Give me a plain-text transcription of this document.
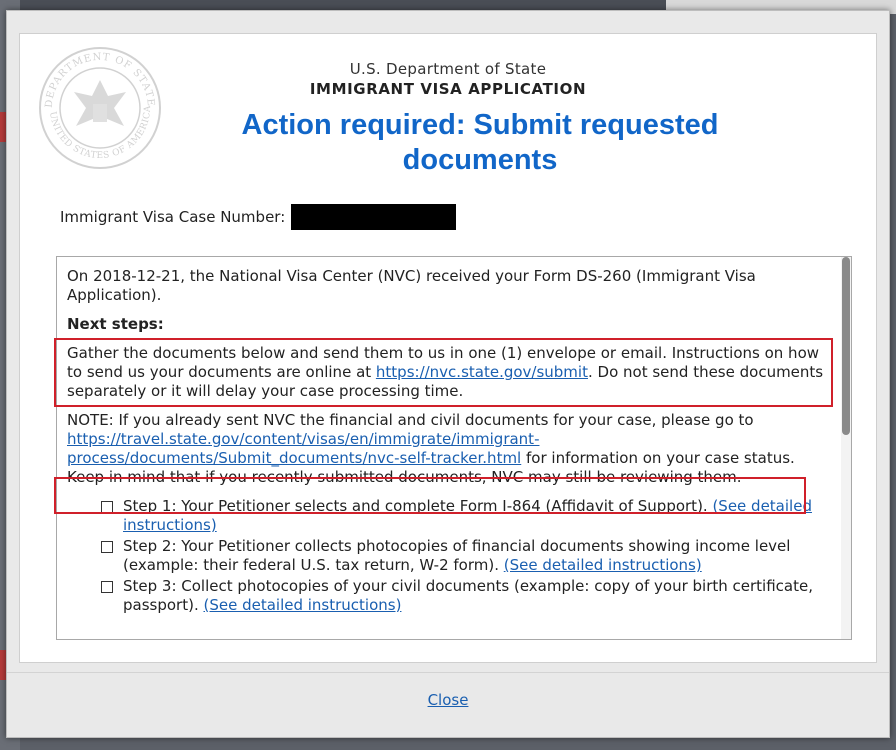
DEPARTMENT OF STATE
UNITED STATES OF AMERICA
U.S. Department of State
IMMIGRANT VISA APPLICATION
Action required: Submit requested documents
Immigrant Visa Case Number:

On 2018-12-21, the National Visa Center (NVC) received your Form DS-260 (Immigrant Visa Application).

Next steps:

Gather the documents below and send them to us in one (1) envelope or email. Instructions on how to send us your documents are online at https://nvc.state.gov/submit. Do not send these documents separately or it will delay your case processing time.

NOTE: If you already sent NVC the financial and civil documents for your case, please go to https://travel.state.gov/content/visas/en/immigrate/immigrant-process/documents/Submit_documents/nvc-self-tracker.html for information on your case status. Keep in mind that if you recently submitted documents, NVC may still be reviewing them.

Step 1: Your Petitioner selects and complete Form I-864 (Affidavit of Support). (See detailed instructions)
Step 2: Your Petitioner collects photocopies of financial documents showing income level (example: their federal U.S. tax return, W-2 form). (See detailed instructions)
Step 3: Collect photocopies of your civil documents (example: copy of your birth certificate, passport). (See detailed instructions)
Close
